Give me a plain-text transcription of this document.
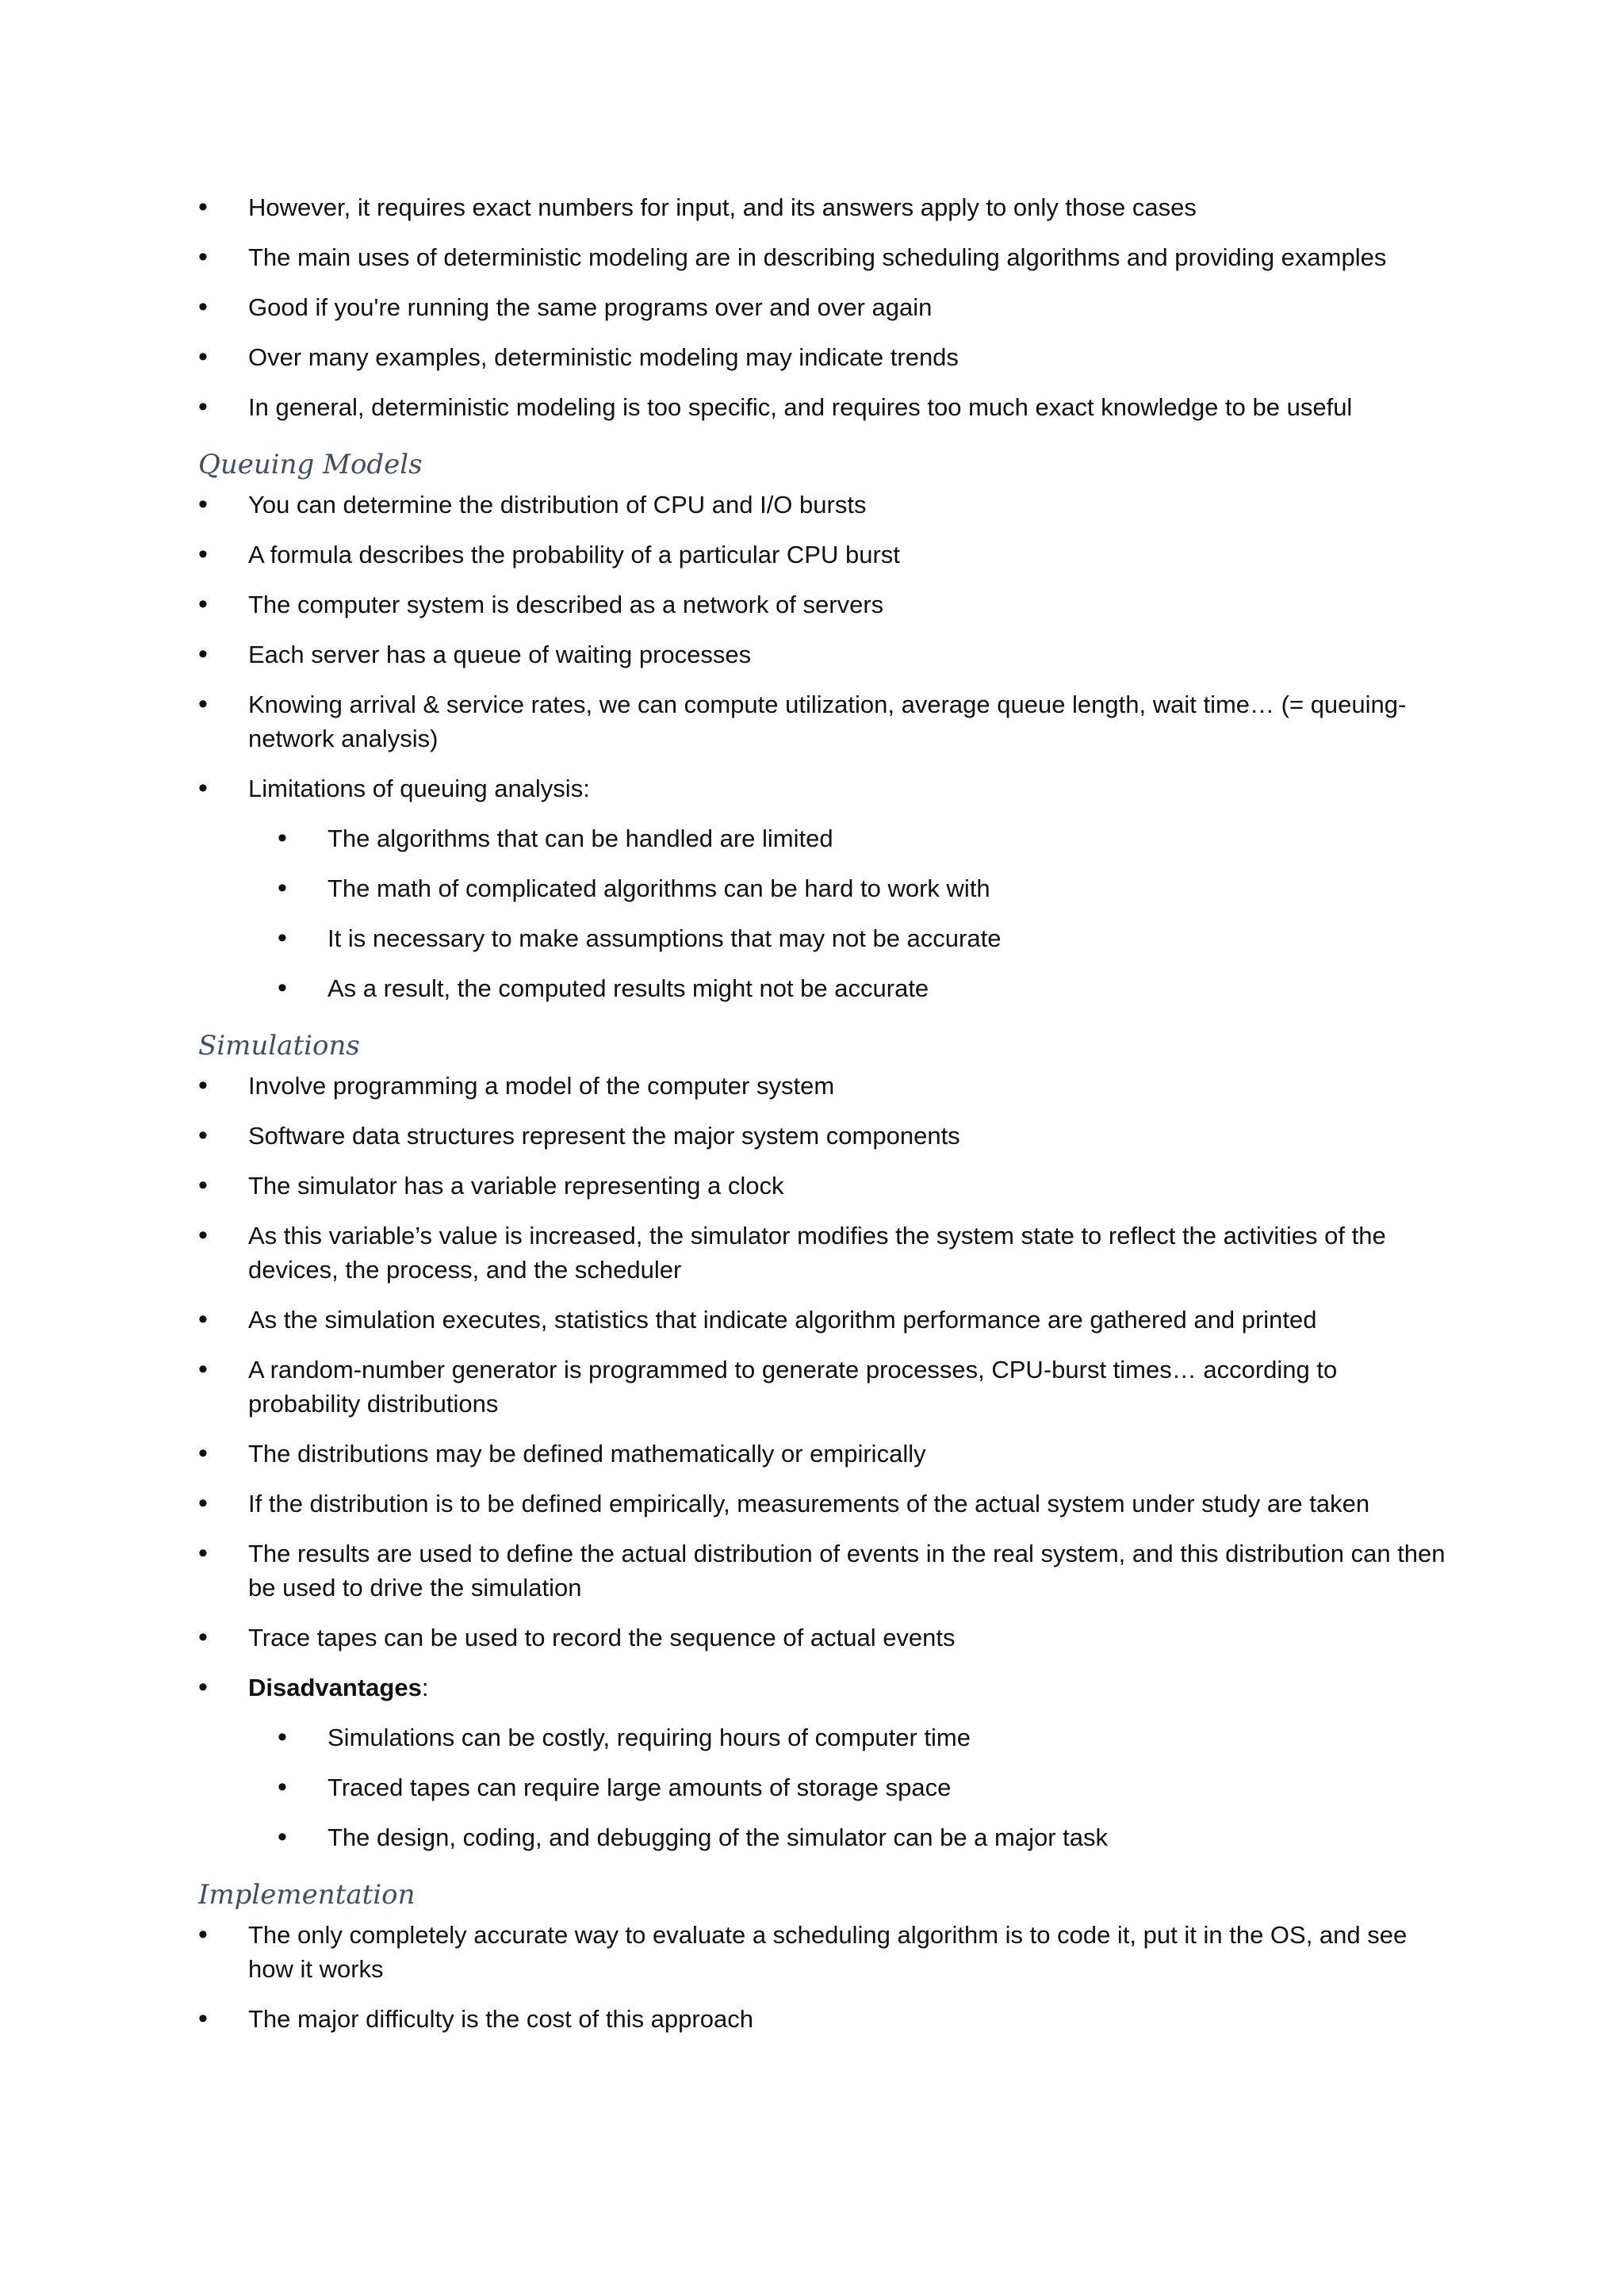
• However, it requires exact numbers for input, and its answers apply to only those cases
• The main uses of deterministic modeling are in describing scheduling algorithms and providing examples
• Good if you're running the same programs over and over again
• Over many examples, deterministic modeling may indicate trends
• In general, deterministic modeling is too specific, and requires too much exact knowledge to be useful
Queuing Models
• You can determine the distribution of CPU and I/O bursts
• A formula describes the probability of a particular CPU burst
• The computer system is described as a network of servers
• Each server has a queue of waiting processes
• Knowing arrival & service rates, we can compute utilization, average queue length, wait time… (= queuing-network analysis)
• Limitations of queuing analysis:
• The algorithms that can be handled are limited
• The math of complicated algorithms can be hard to work with
• It is necessary to make assumptions that may not be accurate
• As a result, the computed results might not be accurate
Simulations
• Involve programming a model of the computer system
• Software data structures represent the major system components
• The simulator has a variable representing a clock
• As this variable’s value is increased, the simulator modifies the system state to reflect the activities of the devices, the process, and the scheduler
• As the simulation executes, statistics that indicate algorithm performance are gathered and printed
• A random-number generator is programmed to generate processes, CPU-burst times… according to probability distributions
• The distributions may be defined mathematically or empirically
• If the distribution is to be defined empirically, measurements of the actual system under study are taken
• The results are used to define the actual distribution of events in the real system, and this distribution can then be used to drive the simulation
• Trace tapes can be used to record the sequence of actual events
• Disadvantages:
• Simulations can be costly, requiring hours of computer time
• Traced tapes can require large amounts of storage space
• The design, coding, and debugging of the simulator can be a major task
Implementation
• The only completely accurate way to evaluate a scheduling algorithm is to code it, put it in the OS, and see how it works
• The major difficulty is the cost of this approach
